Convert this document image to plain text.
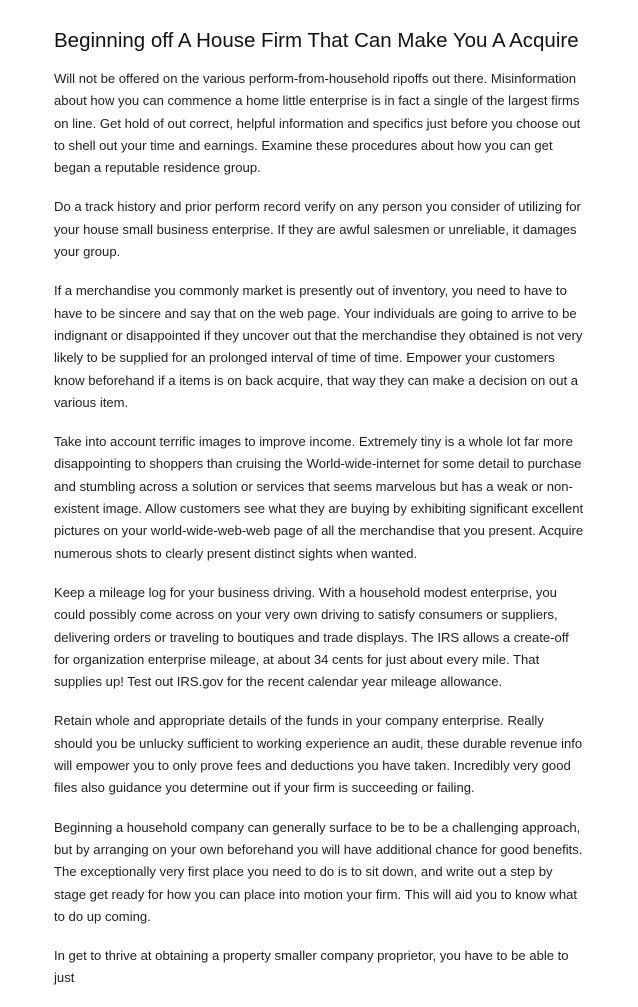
Beginning off A House Firm That Can Make You A Acquire

Will not be offered on the various perform-from-household ripoffs out there. Misinformation about how you can commence a home little enterprise is in fact a single of the largest firms on line. Get hold of out correct, helpful information and specifics just before you choose out to shell out your time and earnings. Examine these procedures about how you can get began a reputable residence group.

Do a track history and prior perform record verify on any person you consider of utilizing for your house small business enterprise. If they are awful salesmen or unreliable, it damages your group.

If a merchandise you commonly market is presently out of inventory, you need to have to have to be sincere and say that on the web page. Your individuals are going to arrive to be indignant or disappointed if they uncover out that the merchandise they obtained is not very likely to be supplied for an prolonged interval of time of time. Empower your customers know beforehand if a items is on back acquire, that way they can make a decision on out a various item.

Take into account terrific images to improve income. Extremely tiny is a whole lot far more disappointing to shoppers than cruising the World-wide-internet for some detail to purchase and stumbling across a solution or services that seems marvelous but has a weak or non-existent image. Allow customers see what they are buying by exhibiting significant excellent pictures on your world-wide-web-web page of all the merchandise that you present. Acquire numerous shots to clearly present distinct sights when wanted.

Keep a mileage log for your business driving. With a household modest enterprise, you could possibly come across on your very own driving to satisfy consumers or suppliers, delivering orders or traveling to boutiques and trade displays. The IRS allows a create-off for organization enterprise mileage, at about 34 cents for just about every mile. That supplies up! Test out IRS.gov for the recent calendar year mileage allowance.

Retain whole and appropriate details of the funds in your company enterprise. Really should you be unlucky sufficient to working experience an audit, these durable revenue info will empower you to only prove fees and deductions you have taken. Incredibly very good files also guidance you determine out if your firm is succeeding or failing.

Beginning a household company can generally surface to be to be a challenging approach, but by arranging on your own beforehand you will have additional chance for good benefits. The exceptionally very first place you need to do is to sit down, and write out a step by stage get ready for how you can place into motion your firm. This will aid you to know what to do up coming.

In get to thrive at obtaining a property smaller company proprietor, you have to be able to just
